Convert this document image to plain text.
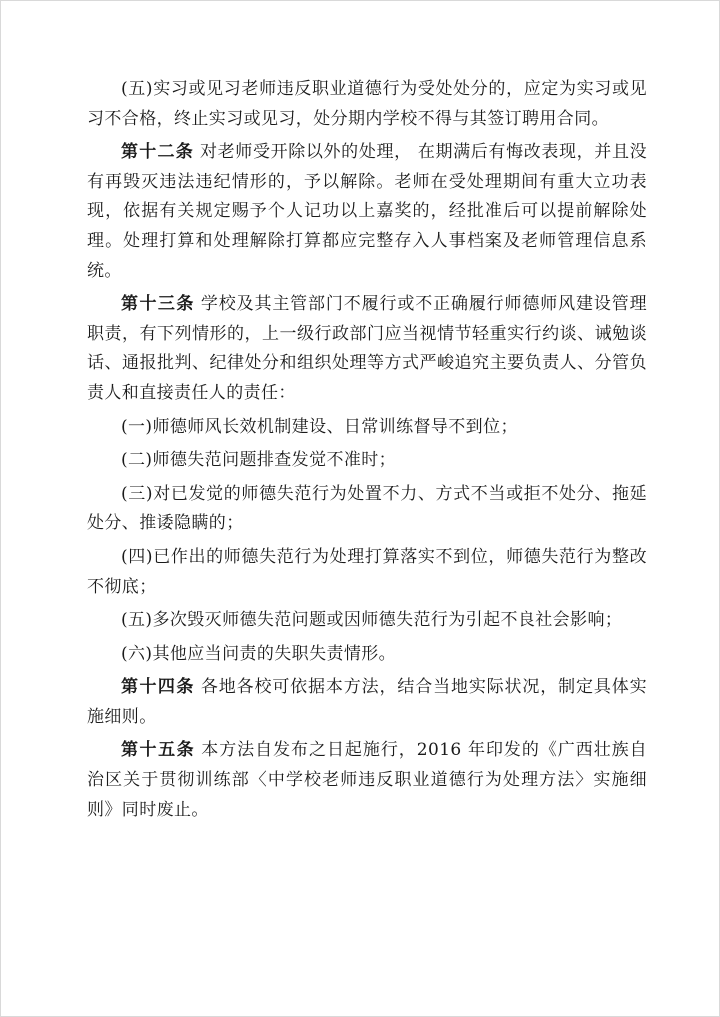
(五)实习或见习老师违反职业道德行为受处处分的，应定为实习或见习不合格，终止实习或见习，处分期内学校不得与其签订聘用合同。

第十二条 对老师受开除以外的处理， 在期满后有悔改表现，并且没有再毁灭违法违纪情形的，予以解除。老师在受处理期间有重大立功表现，依据有关规定赐予个人记功以上嘉奖的，经批准后可以提前解除处理。处理打算和处理解除打算都应完整存入人事档案及老师管理信息系统。

第十三条 学校及其主管部门不履行或不正确履行师德师风建设管理职责，有下列情形的，上一级行政部门应当视情节轻重实行约谈、诫勉谈话、通报批判、纪律处分和组织处理等方式严峻追究主要负责人、分管负责人和直接责任人的责任：

(一)师德师风长效机制建设、日常训练督导不到位；

(二)师德失范问题排查发觉不准时；

(三)对已发觉的师德失范行为处置不力、方式不当或拒不处分、拖延处分、推诿隐瞒的；

(四)已作出的师德失范行为处理打算落实不到位，师德失范行为整改不彻底；

(五)多次毁灭师德失范问题或因师德失范行为引起不良社会影响；

(六)其他应当问责的失职失责情形。

第十四条 各地各校可依据本方法，结合当地实际状况，制定具体实施细则。

第十五条 本方法自发布之日起施行，2016 年印发的《广西壮族自治区关于贯彻训练部〈中学校老师违反职业道德行为处理方法〉实施细则》同时废止。
